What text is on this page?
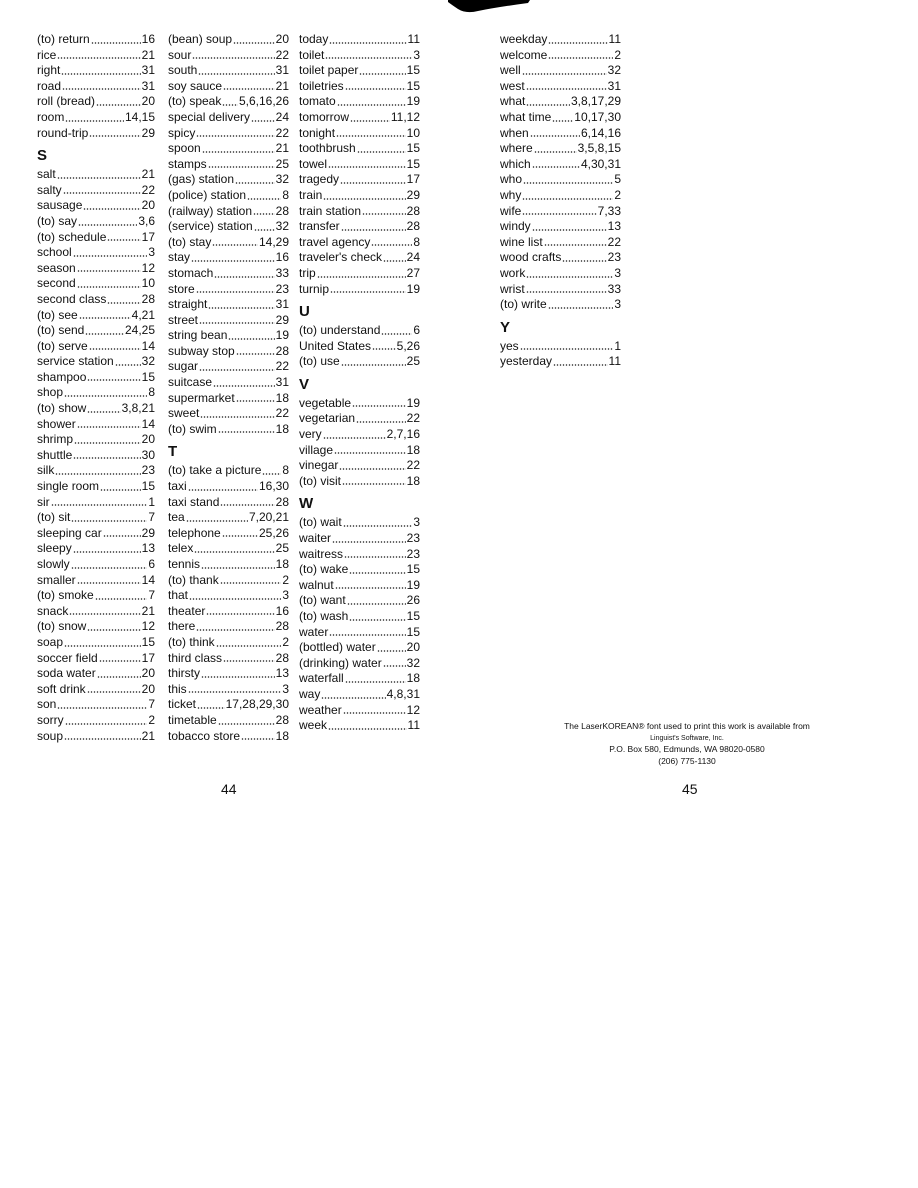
(to) return	16
rice	21
right	31
road	31
roll (bread)	20
room	14,15
round-trip	29
S
salt	21
salty	22
sausage	20
(to) say	3,6
(to) schedule	17
school	3
season	12
second	10
second class	28
(to) see	4,21
(to) send	24,25
(to) serve	14
service station 32
shampoo	15
shop	8
(to) show	3,8,21
shower	14
shrimp	20
shuttle	30
silk	23
single room	15
sir	1
(to) sit	7
sleeping car	29
sleepy	13
slowly	6
smaller	14
(to) smoke	7
snack	21
(to) snow	12
soap	15
soccer field	17
soda water	20
soft drink	20
son	7
sorry	2
soup	21
(bean) soup	20
sour	22
south	31
soy sauce	21
(to) speak 5,6,16,26
special delivery 24
spicy	22
spoon	21
stamps	25
(gas) station	32
(police) station	8
(railway) station 28
(service) station 32
(to) stay	14,29
stay	16
stomach	33
store	23
straight	31
street	29
string bean	19
subway stop	28
sugar	22
suitcase	31
supermarket	18
sweet	22
(to) swim	18
T
(to) take a picture 8
taxi	16,30
taxi stand	28
tea	7,20,21
telephone	25,26
telex	25
tennis	18
(to) thank	2
that	3
theater	16
there	28
(to) think	2
third class	28
thirsty	13
this	3
ticket 17,28,29,30
timetable	28
tobacco store	18
today	11
toilet	3
toilet paper	15
toiletries	15
tomato	19
tomorrow	11,12
tonight	10
toothbrush	15
towel	15
tragedy	17
train	29
train station	28
transfer	28
travel agency	8
traveler's check 24
trip	27
turnip	19
U
(to) understand	6
United States 5,26
(to) use	25
V
vegetable	19
vegetarian	22
very	2,7,16
village	18
vinegar	22
(to) visit	18
W
(to) wait	3
waiter	23
waitress	23
(to) wake	15
walnut	19
(to) want	26
(to) wash	15
water	15
(bottled) water	20
(drinking) water 32
waterfall	18
way	4,8,31
weather	12
week	11
weekday	11
welcome	2
well	32
west	31
what	3,8,17,29
what time 10,17,30
when	6,14,16
where	3,5,8,15
which	4,30,31
who	5
why	2
wife	7,33
windy	13
wine list	22
wood crafts	23
work	3
wrist	33
(to) write	3
Y
yes	1
yesterday	11
The LaserKOREAN® font used to print this work is available from
Linguist's Software, Inc.
P.O. Box 580, Edmunds, WA 98020-0580
(206) 775-1130
44	45
